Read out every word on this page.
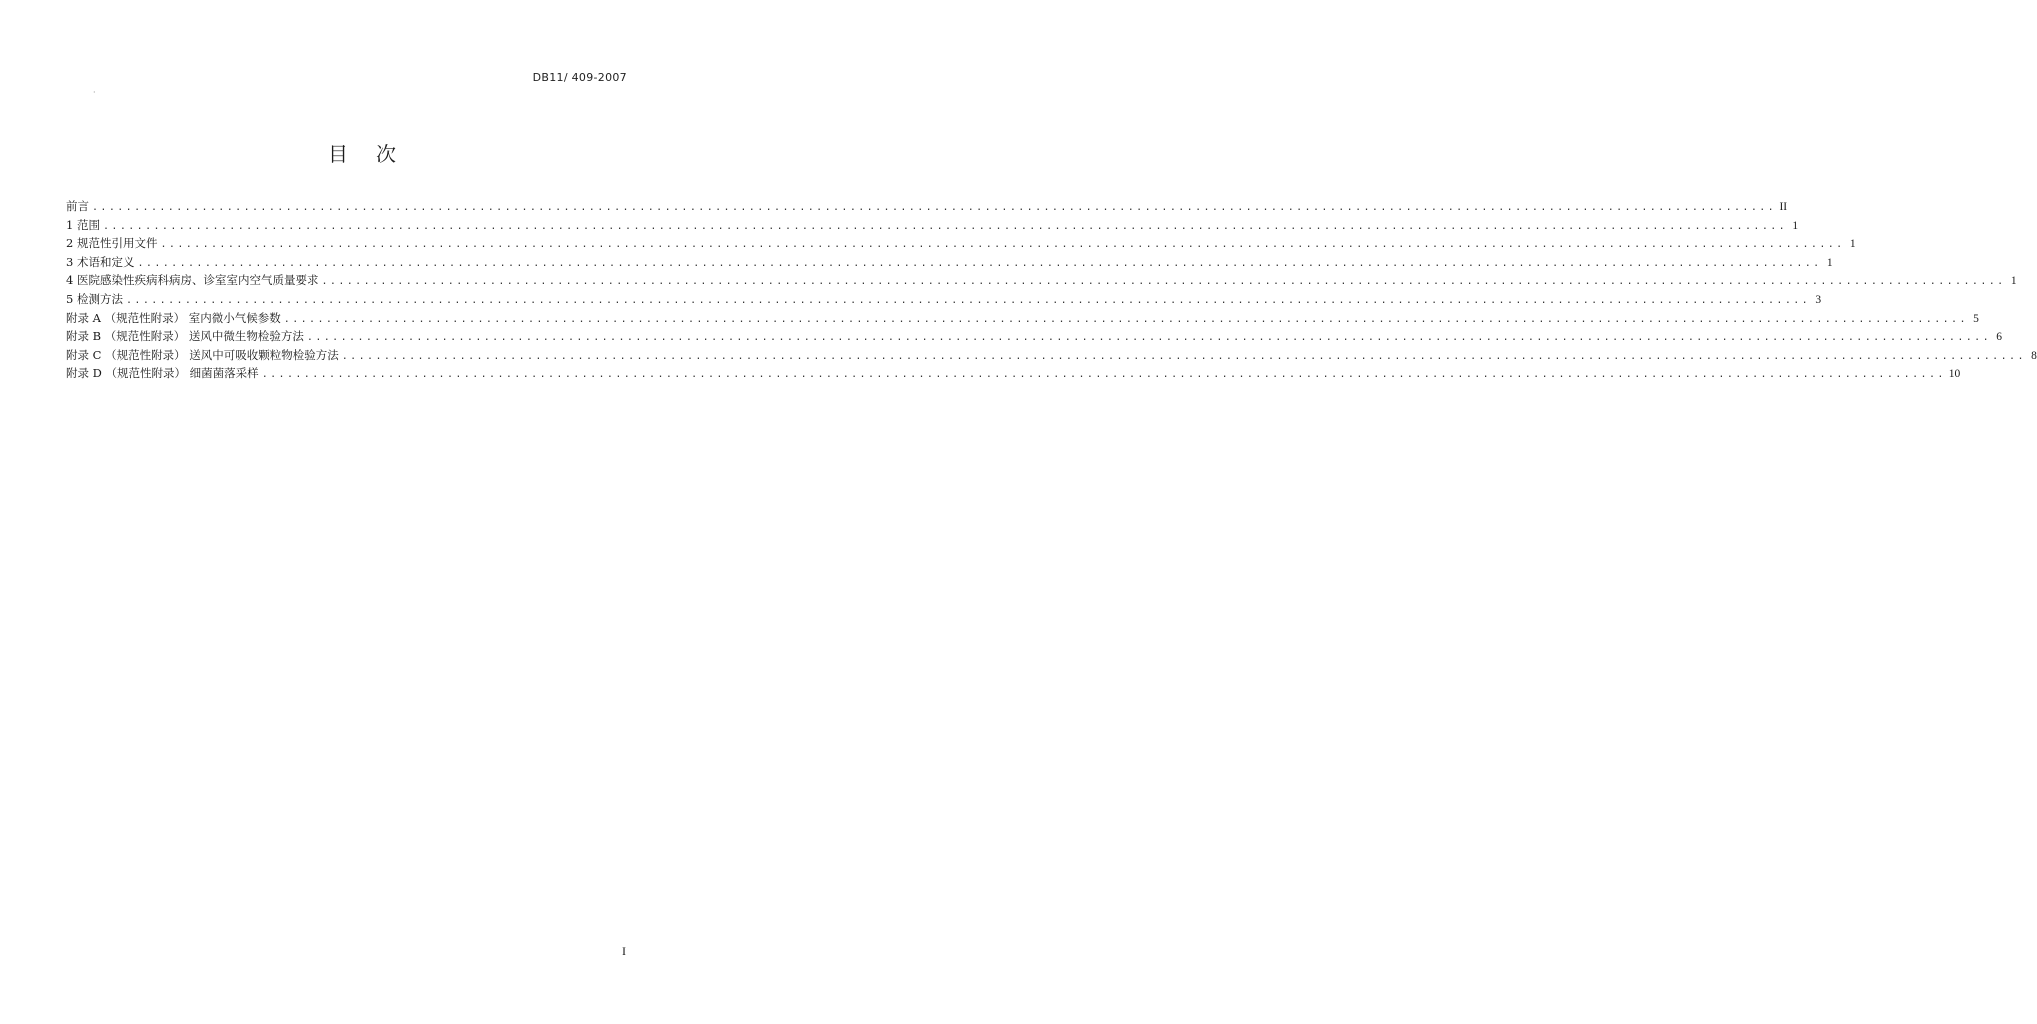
DB11/ 409-2007
·
目次
前言 ........................................................................................................................................................................................................ II
1 范围 ........................................................................................................................................................................................................ 1
2 规范性引用文件 ........................................................................................................................................................................................................ 1
3 术语和定义 ........................................................................................................................................................................................................ 1
4 医院感染性疾病科病房、诊室室内空气质量要求 ........................................................................................................................................................................................................ 1
5 检测方法 ........................................................................................................................................................................................................ 3
附录 A （规范性附录） 室内微小气候参数 ........................................................................................................................................................................................................ 5
附录 B （规范性附录） 送风中微生物检验方法 ........................................................................................................................................................................................................ 6
附录 C （规范性附录） 送风中可吸收颗粒物检验方法 ........................................................................................................................................................................................................ 8
附录 D （规范性附录） 细菌菌落采样 ........................................................................................................................................................................................................ 10
I
